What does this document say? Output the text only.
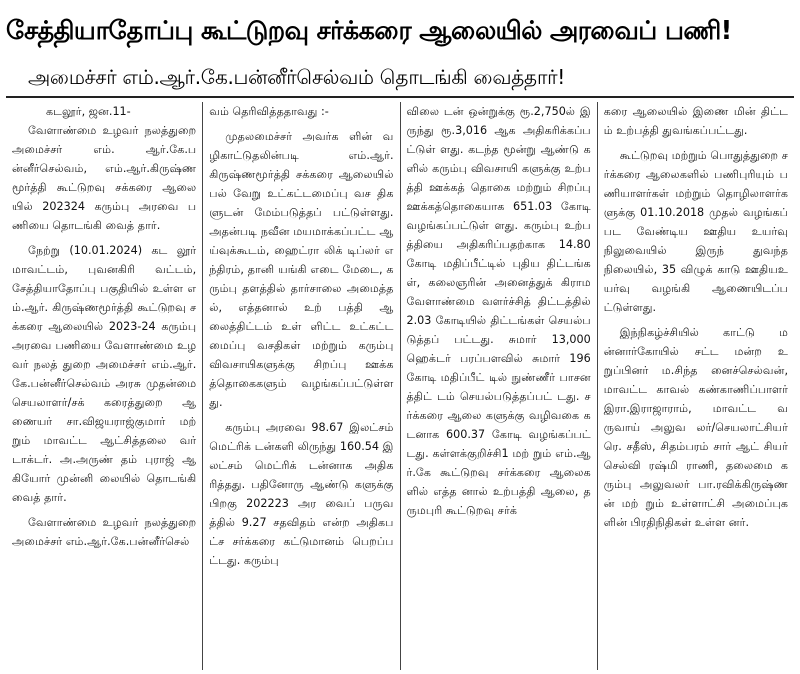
சேத்தியாதோப்பு கூட்டுறவு சர்க்கரை ஆலையில் அரவைப் பணி!
அமைச்சர் எம்.ஆர்.கே.பன்னீர்செல்வம் தொடங்கி வைத்தார்!

கடலூர், ஜன.11-

வேளாண்மை உழவர் நலத்துறை அமைச்சர் எம். ஆர்.கே.பன்னீர்செல்வம், எம்.ஆர்.கிருஷ்ணமூர்த்தி கூட்டுறவு சக்கரை ஆலை யில் 202324 கரும்பு அரவை பணியை தொடங்கி வைத் தார்.

நேற்று (10.01.2024) கட லூர் மாவட்டம், புவனகிரி வட்டம், சேத்தியாதோப்பு பகுதியில் உள்ள எம்.ஆர். கிருஷ்ணமூர்த்தி கூட்டுறவு சக்கரை ஆலையில் 2023-24 கரும்பு அரவை பணியை வேளாண்மை உழவர் நலத் துறை அமைச்சர் எம்.ஆர். கே.பன்னீர்செல்வம் அரசு முதன்மை செயலாளர்/சக் கரைத்துறை ஆணையர் சா.விஜயராஜ்குமார் மற் றும் மாவட்ட ஆட்சித்தலை வர் டாக்டர். அ.அருண் தம் புராஜ் ஆகியோர் முன்னி லையில் தொடங்கி வைத் தார்.

வேளாண்மை உழவர் நலத்துறை அமைச்சர் எம்.ஆர்.கே.பன்னீர்செல்

வம் தெரிவித்ததாவது :-

முதலமைச்சர் அவர்க ளின் வழிகாட்டுதலின்படி எம்.ஆர்.கிருஷ்ணமூர்த்தி சக்கரை ஆலையில் பல் வேறு உட்கட்டமைப்பு வச திகளுடன் மேம்படுத்தப் பட்டுள்ளது. அதன்படி நவீன மயமாக்கப்பட்ட ஆய்வுக்கூடம், ஹைட்ரா லிக் டிப்லர் எந்திரம், தானி யங்கி எடை மேடை, கரும்பு தளத்தில் தார்சாலை அமைத்தல், எத்தனால் உற் பத்தி ஆலைத்திட்டம் உள் ளிட்ட உட்கட்டமைப்பு வசதிகள் மற்றும் கரும்பு விவசாயிகளுக்கு சிறப்பு ஊக்கத்தொகைகளும் வழங்கப்பட்டுள்ளது.

கரும்பு அரவை 98.67 இலட்சம் மெட்ரிக் டன்களி லிருந்து 160.54 இலட்சம் மெட்ரிக் டன்னாக அதிக ரித்தது. பதினோரு ஆண்டு களுக்கு பிறகு 202223 அர வைப் பருவத்தில் 9.27 சதவிதம் என்ற அதிகபட்ச சர்க்கரை கட்டுமானம் பெறப்பட்டது. கரும்பு

விலை டன் ஒன்றுக்கு ரூ.2,750ல் இருந்து ரூ.3,016 ஆக அதிகரிக்கப்பட்டுள் ளது. கடந்த மூன்று ஆண்டு களில் கரும்பு விவசாயி களுக்கு உற்பத்தி ஊக்கத் தொகை மற்றும் சிறப்பு ஊக்கத்தொகையாக 651.03 கோடி வழங்கப்பட்டுள் ளது. கரும்பு உற்பத்தியை அதிகரிப்பதற்காக 14.80 கோடி மதிப்பீட்டில் புதிய திட்டங்கள், கலைஞரின் அனைத்துக் கிராம வேளாண்மை வளர்ச்சித் திட்டத்தில் 2.03 கோடியில் திட்டங்கள் செயல்படுத்தப் பட்டது. சுமார் 13,000 ஹெக்டர் பரப்பளவில் சுமார் 196 கோடி மதிப்பீட் டில் நுண்ணீர் பாசனத்திட் டம் செயல்படுத்தப்பட் டது. சர்க்கரை ஆலை களுக்கு வழிவகை கடனாக 600.37 கோடி வழங்கப்பட் டது. கள்ளக்குறிச்சி1 மற் றும் எம்.ஆர்.கே கூட்டுறவு சர்க்கரை ஆலைகளில் எத்த னால் உற்பத்தி ஆலை, தருமபுரி கூட்டுறவு சர்க்

கரை ஆலையில் இணை மின் திட்டம் உற்பத்தி துவங்கப்பட்டது.

கூட்டுறவு மற்றும் பொதுத்துறை சர்க்கரை ஆலைகளில் பணிபுரியும் பணியாளர்கள் மற்றும் தொழிலாளர்களுக்கு 01.10.2018 முதல் வழங்கப் பட வேண்டிய ஊதிய உயர்வு நிலுவையில் இருந் துவந்த நிலையில், 35 விழுக் காடு ஊதியஉயர்வு வழங்கி ஆணையிடப்பட்டுள்ளது.

இந்நிகழ்ச்சியில் காட்டு மன்னார்கோயில் சட்ட மன்ற உறுப்பினர் ம.சிந்த னைச்செல்வன், மாவட்ட காவல் கண்காணிப்பாளர் இரா.இராஜாராம், மாவட்ட வருவாய் அலுவ லர்/செயலாட்சியர் ரெ. சதீஸ், சிதம்பரம் சார் ஆட் சியர் செல்வி ரஷ்மி ராணி, தலைமை கரும்பு அலுவலர் பா.ரவிக்கிருஷ்ணன் மற் றும் உள்ளாட்சி அமைப்புக ளின் பிரதிநிதிகள் உள்ள னர்.
